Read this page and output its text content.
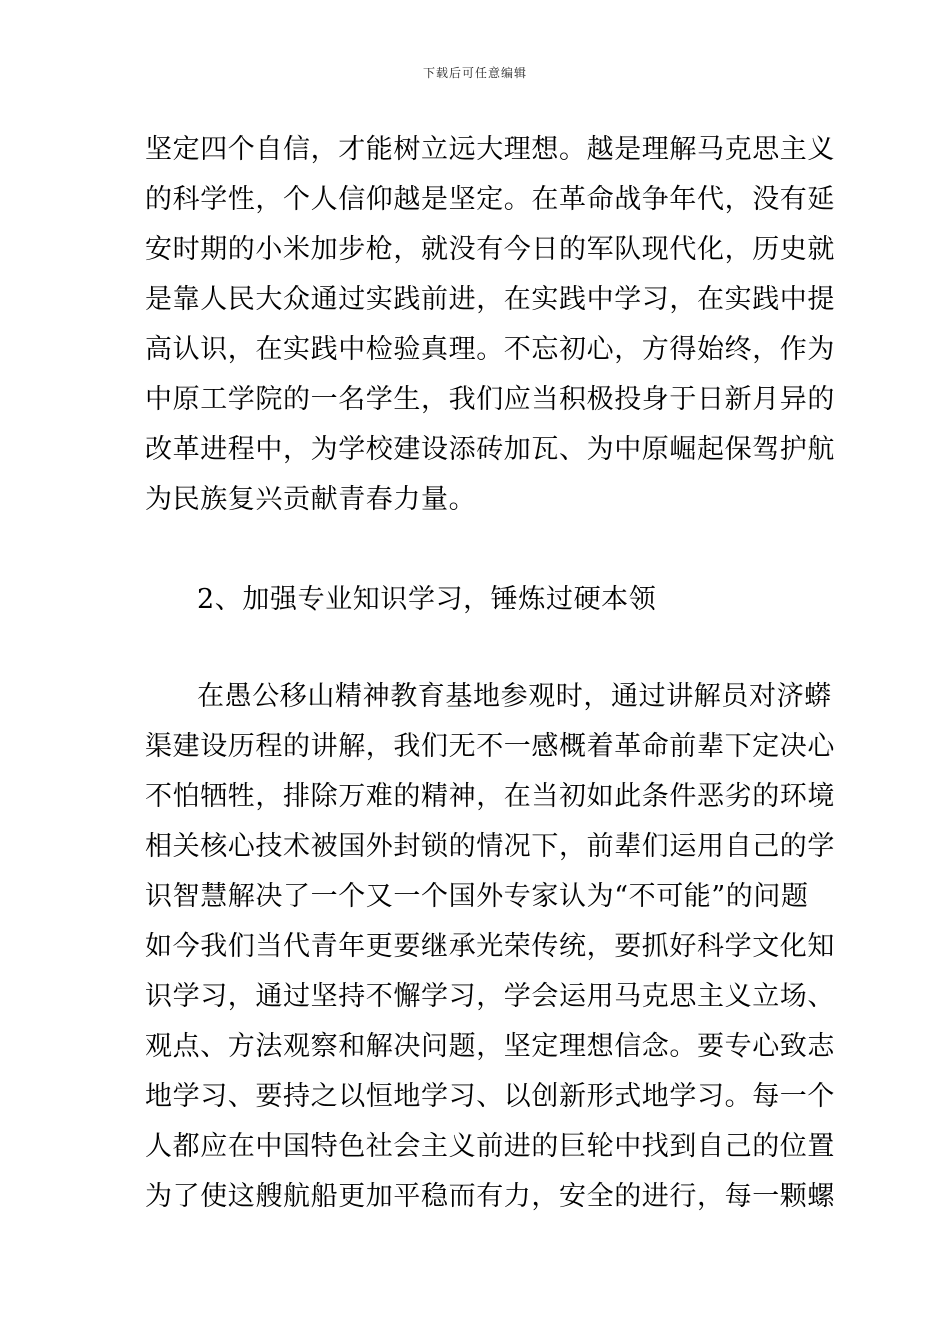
下载后可任意编辑
坚定四个自信，才能树立远大理想。越是理解马克思主义
的科学性，个人信仰越是坚定。在革命战争年代，没有延
安时期的小米加步枪，就没有今日的军队现代化，历史就
是靠人民大众通过实践前进，在实践中学习，在实践中提
高认识，在实践中检验真理。不忘初心，方得始终，作为
中原工学院的一名学生，我们应当积极投身于日新月异的
改革进程中，为学校建设添砖加瓦、为中原崛起保驾护航
为民族复兴贡献青春力量。
2、加强专业知识学习，锤炼过硬本领
在愚公移山精神教育基地参观时，通过讲解员对济蟒
渠建设历程的讲解，我们无不一感概着革命前辈下定决心
不怕牺牲，排除万难的精神，在当初如此条件恶劣的环境
相关核心技术被国外封锁的情况下，前辈们运用自己的学
识智慧解决了一个又一个国外专家认为“不可能”的问题
如今我们当代青年更要继承光荣传统，要抓好科学文化知
识学习，通过坚持不懈学习，学会运用马克思主义立场、
观点、方法观察和解决问题，坚定理想信念。要专心致志
地学习、要持之以恒地学习、以创新形式地学习。每一个
人都应在中国特色社会主义前进的巨轮中找到自己的位置
为了使这艘航船更加平稳而有力，安全的进行，每一颗螺
